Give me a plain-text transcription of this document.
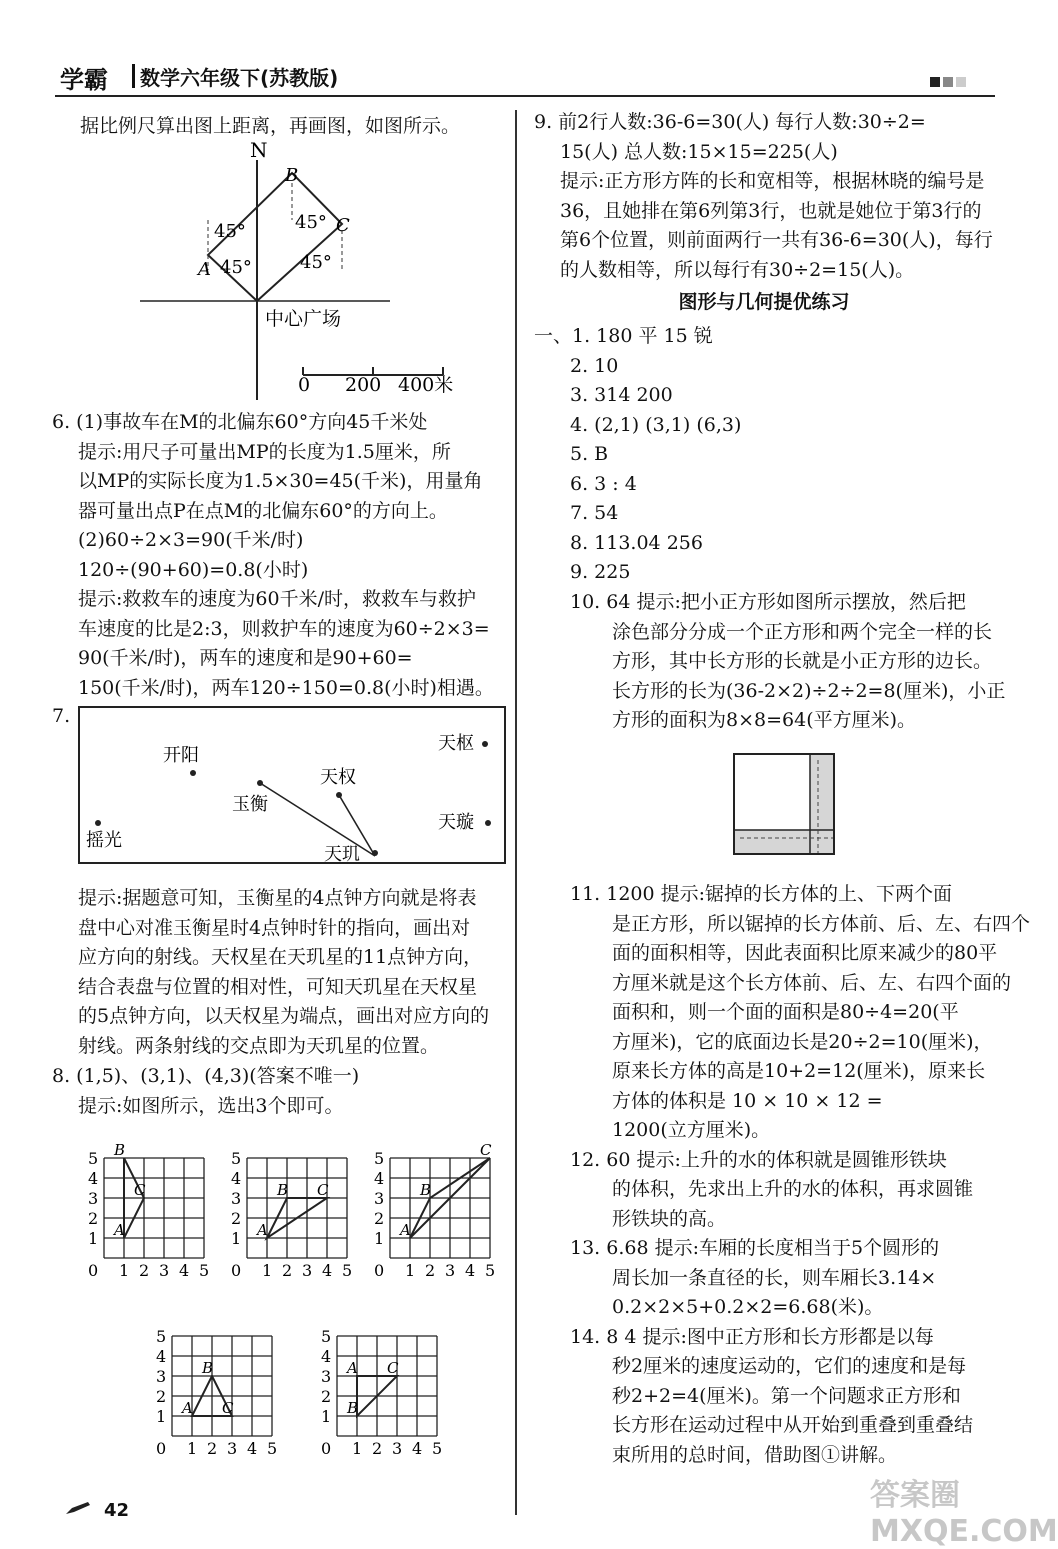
学霸 数学六年级下(苏教版)

据比例尺算出图上距离，再画图，如图所示。

N
B
C
A
45°
45°
45°
45°
中心广场
0 200 400米

6. (1)事故车在M的北偏东60°方向45千米处

提示:用尺子可量出MP的长度为1.5厘米，所

以MP的实际长度为1.5×30=45(千米)，用量角

器可量出点P在点M的北偏东60°的方向上。

(2)60÷2×3=90(千米/时)

120÷(90+60)=0.8(小时)

提示:救救车的速度为60千米/时，救救车与救护

车速度的比是2:3，则救护车的速度为60÷2×3=

90(千米/时)，两车的速度和是90+60=

150(千米/时)，两车120÷150=0.8(小时)相遇。

7.
开阳
天枢
天权
玉衡
摇光
天璇
天玑

提示:据题意可知，玉衡星的4点钟方向就是将表

盘中心对准玉衡星时4点钟时针的指向，画出对

应方向的射线。天权星在天玑星的11点钟方向，

结合表盘与位置的相对性，可知天玑星在天权星

的5点钟方向，以天权星为端点，画出对应方向的

射线。两条射线的交点即为天玑星的位置。

8. (1,5)、(3,1)、(4,3)(答案不唯一)

提示:如图所示，选出3个即可。

1
1
2
2
3
3
4
4
5
5
0
A
B
C
1
1
2
2
3
3
4
4
5
5
0
A
B C
1
1
2
2
3
3
4
4
5
5
0
A
B
C
1
1
2
2
3
3
4
4
5
5
0
A
B
C
1
1
2
2
3
3
4
4
5
5
0
A
B
C
42

9. 前2行人数:36-6=30(人) 每行人数:30÷2=

15(人) 总人数:15×15=225(人)

提示:正方形方阵的长和宽相等，根据林晓的编号是

36，且她排在第6列第3行，也就是她位于第3行的

第6个位置，则前面两行一共有36-6=30(人)，每行

的人数相等，所以每行有30÷2=15(人)。

图形与几何提优练习

一、1. 180 平 15 锐

2. 10

3. 314 200

4. (2,1) (3,1) (6,3)

5. B

6. 3 : 4

7. 54

8. 113.04 256

9. 225

10. 64 提示:把小正方形如图所示摆放，然后把

涂色部分分成一个正方形和两个完全一样的长

方形，其中长方形的长就是小正方形的边长。

长方形的长为(36-2×2)÷2÷2=8(厘米)，小正

方形的面积为8×8=64(平方厘米)。

11. 1200 提示:锯掉的长方体的上、下两个面

是正方形，所以锯掉的长方体前、后、左、右四个

面的面积相等，因此表面积比原来减少的80平

方厘米就是这个长方体前、后、左、右四个面的

面积和，则一个面的面积是80÷4=20(平

方厘米)，它的底面边长是20÷2=10(厘米)，

原来长方体的高是10+2=12(厘米)，原来长

方体的体积是 10 × 10 × 12 =

1200(立方厘米)。

12. 60 提示:上升的水的体积就是圆锥形铁块

的体积，先求出上升的水的体积，再求圆锥

形铁块的高。

13. 6.68 提示:车厢的长度相当于5个圆形的

周长加一条直径的长，则车厢长3.14×

0.2×2×5+0.2×2=6.68(米)。

14. 8 4 提示:图中正方形和长方形都是以每

秒2厘米的速度运动的，它们的速度和是每

秒2+2=4(厘米)。第一个问题求正方形和

长方形在运动过程中从开始到重叠到重叠结

束所用的总时间，借助图①讲解。

答案圈 MXQE.COM
